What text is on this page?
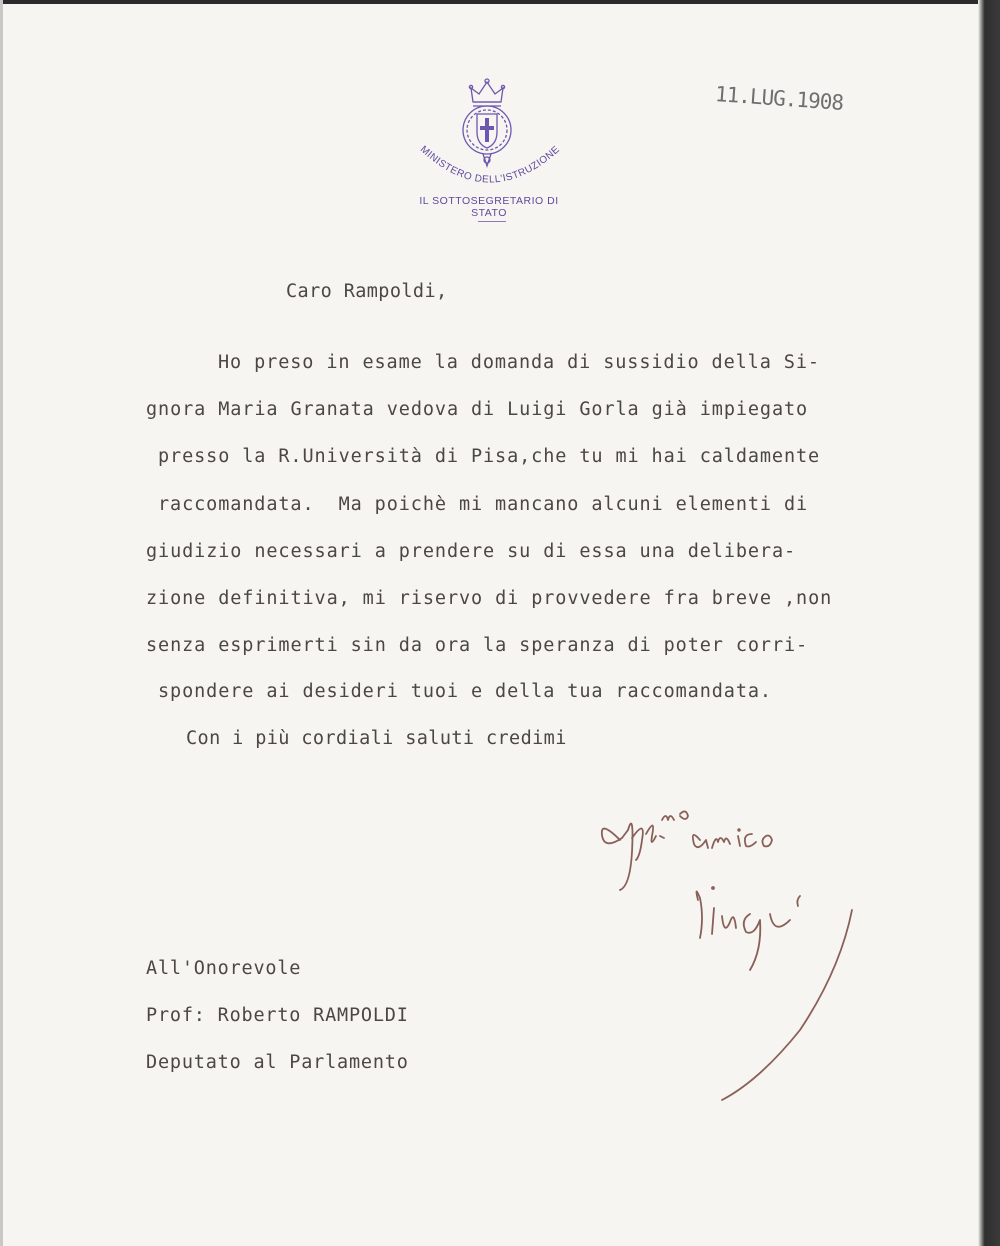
MINISTERO DELL'ISTRUZIONE
IL SOTTOSEGRETARIO DI STATO
11.LUG.1908
Caro Rampoldi,
Ho preso in esame la domanda di sussidio della Si-
gnora Maria Granata vedova di Luigi Gorla già impiegato
presso la R.Università di Pisa,che tu mi hai caldamente
raccomandata.  Ma poichè mi mancano alcuni elementi di
giudizio necessari a prendere su di essa una delibera-
zione definitiva, mi riservo di provvedere fra breve ,non
senza esprimerti sin da ora la speranza di poter corri-
spondere ai desideri tuoi e della tua raccomandata.
Con i più cordiali saluti credimi
All'Onorevole
Prof: Roberto RAMPOLDI
Deputato al Parlamento
